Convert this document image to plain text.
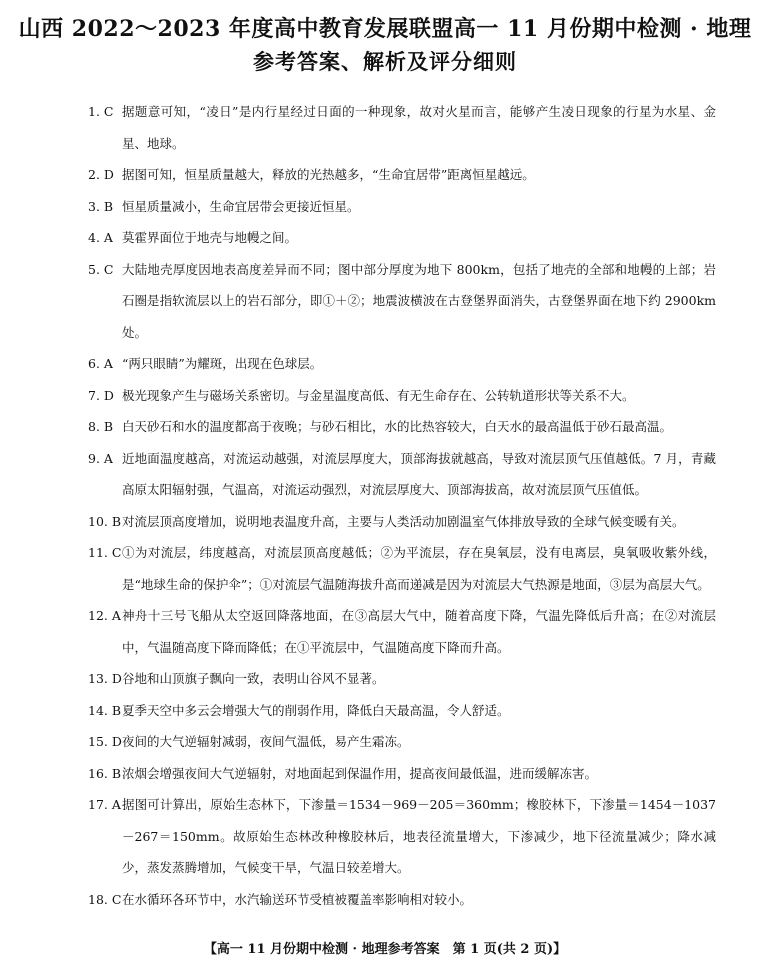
山西 2022～2023 年度高中教育发展联盟高一 11 月份期中检测 · 地理
参考答案、解析及评分细则
1. C 据题意可知，“凌日”是内行星经过日面的一种现象，故对火星而言，能够产生凌日现象的行星为水星、金星、地球。
2. D 据图可知，恒星质量越大，释放的光热越多，“生命宜居带”距离恒星越远。
3. B 恒星质量减小，生命宜居带会更接近恒星。
4. A 莫霍界面位于地壳与地幔之间。
5. C 大陆地壳厚度因地表高度差异而不同；图中部分厚度为地下 800km，包括了地壳的全部和地幔的上部；岩石圈是指软流层以上的岩石部分，即①＋②；地震波横波在古登堡界面消失，古登堡界面在地下约 2900km 处。
6. A “两只眼睛”为耀斑，出现在色球层。
7. D 极光现象产生与磁场关系密切。与金星温度高低、有无生命存在、公转轨道形状等关系不大。
8. B 白天砂石和水的温度都高于夜晚；与砂石相比，水的比热容较大，白天水的最高温低于砂石最高温。
9. A 近地面温度越高，对流运动越强，对流层厚度大，顶部海拔就越高，导致对流层顶气压值越低。7 月，青藏高原太阳辐射强，气温高，对流运动强烈，对流层厚度大、顶部海拔高，故对流层顶气压值低。
10. B 对流层顶高度增加，说明地表温度升高，主要与人类活动加剧温室气体排放导致的全球气候变暖有关。
11. C ①为对流层，纬度越高，对流层顶高度越低；②为平流层，存在臭氧层，没有电离层，臭氧吸收紫外线，是“地球生命的保护伞”；①对流层气温随海拔升高而递减是因为对流层大气热源是地面，③层为高层大气。
12. A 神舟十三号飞船从太空返回降落地面，在③高层大气中，随着高度下降，气温先降低后升高；在②对流层中，气温随高度下降而降低；在①平流层中，气温随高度下降而升高。
13. D 谷地和山顶旗子飘向一致，表明山谷风不显著。
14. B 夏季天空中多云会增强大气的削弱作用，降低白天最高温，令人舒适。
15. D 夜间的大气逆辐射减弱，夜间气温低，易产生霜冻。
16. B 浓烟会增强夜间大气逆辐射，对地面起到保温作用，提高夜间最低温，进而缓解冻害。
17. A 据图可计算出，原始生态林下，下渗量＝1534－969－205＝360mm；橡胶林下，下渗量＝1454－1037－267＝150mm。故原始生态林改种橡胶林后，地表径流量增大，下渗减少，地下径流量减少；降水减少，蒸发蒸腾增加，气候变干旱，气温日较差增大。
18. C 在水循环各环节中，水汽输送环节受植被覆盖率影响相对较小。
【高一 11 月份期中检测 · 地理参考答案　第 1 页(共 2 页)】
